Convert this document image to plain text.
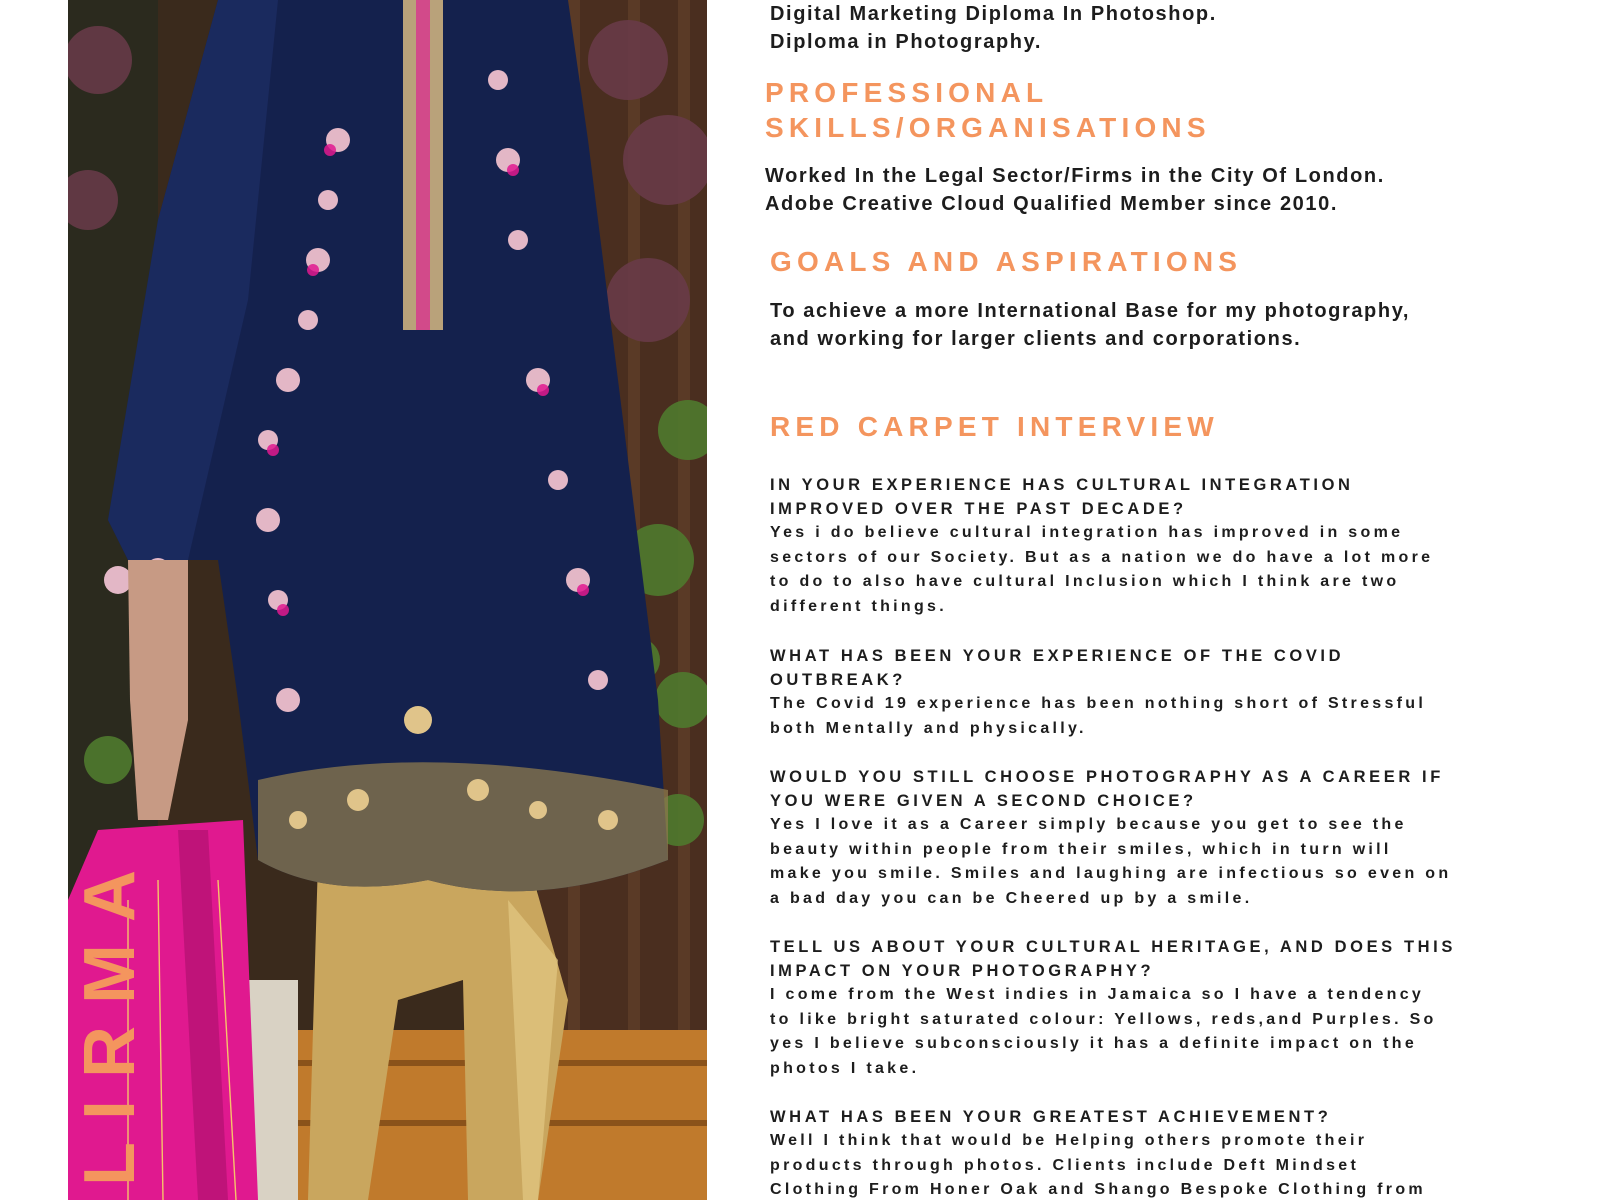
LIRMA

Digital Marketing Diploma In Photoshop.

Diploma in Photography.

PROFESSIONAL

SKILLS/ORGANISATIONS

Worked In the Legal Sector/Firms in the City Of London.

Adobe Creative Cloud Qualified Member since 2010.

GOALS AND ASPIRATIONS

To achieve a more International Base for my photography,

and working for larger clients and corporations.

RED CARPET INTERVIEW

IN YOUR EXPERIENCE HAS CULTURAL INTEGRATION

IMPROVED OVER THE PAST DECADE?

Yes i do believe cultural integration has improved in some

sectors of our Society. But as a nation we do have a lot more

to do to also have cultural Inclusion which I think are two

different things.

WHAT HAS BEEN YOUR EXPERIENCE OF THE COVID

OUTBREAK?

The Covid 19 experience has been nothing short of Stressful

both Mentally and physically.

WOULD YOU STILL CHOOSE PHOTOGRAPHY AS A CAREER IF

YOU WERE GIVEN A SECOND CHOICE?

Yes I love it as a Career simply because you get to see the

beauty within people from their smiles, which in turn will

make you smile. Smiles and laughing are infectious so even on

a bad day you can be Cheered up by a smile.

TELL US ABOUT YOUR CULTURAL HERITAGE, AND DOES THIS

IMPACT ON YOUR PHOTOGRAPHY?

I come from the West indies in Jamaica so I have a tendency

to like bright saturated colour: Yellows, reds,and Purples. So

yes I believe subconsciously it has a definite impact on the

photos I take.

WHAT HAS BEEN YOUR GREATEST ACHIEVEMENT?

Well I think that would be Helping others promote their

products through photos. Clients include Deft Mindset

Clothing From Honer Oak and Shango Bespoke Clothing from
